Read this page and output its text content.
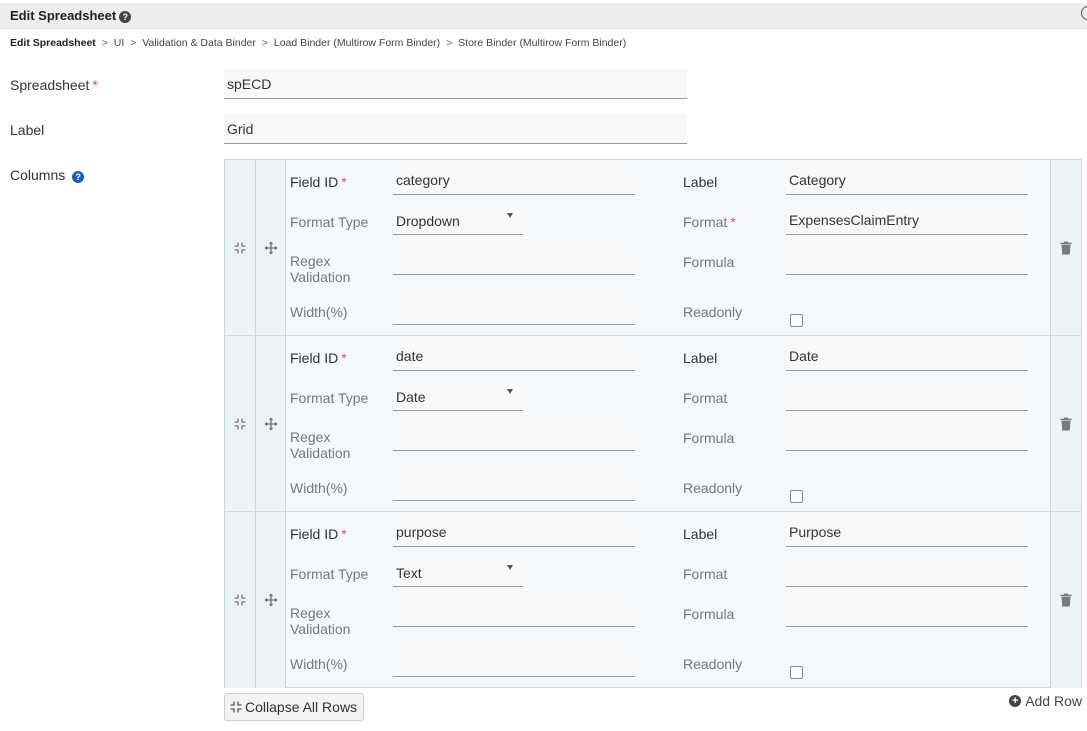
Edit Spreadsheet ?
Edit Spreadsheet > UI > Validation & Data Binder > Load Binder (Multirow Form Binder) > Store Binder (Multirow Form Binder)
Spreadsheet *
spECD
Label
Grid
Columns ?	Field ID *
category
Format Type Dropdown
Regex
Validation
Width(%)
Label
Category
Format *
ExpensesClaimEntry
Formula
Readonly
Field ID *
date
Format Type Date
Regex
Validation
Width(%)
Label
Date
Format
Formula
Readonly
Field ID *
purpose
Format Type Text
Regex
Validation
Width(%)
Label
Purpose
Format
Formula
Readonly
Collapse All Rows	+ Add Row
